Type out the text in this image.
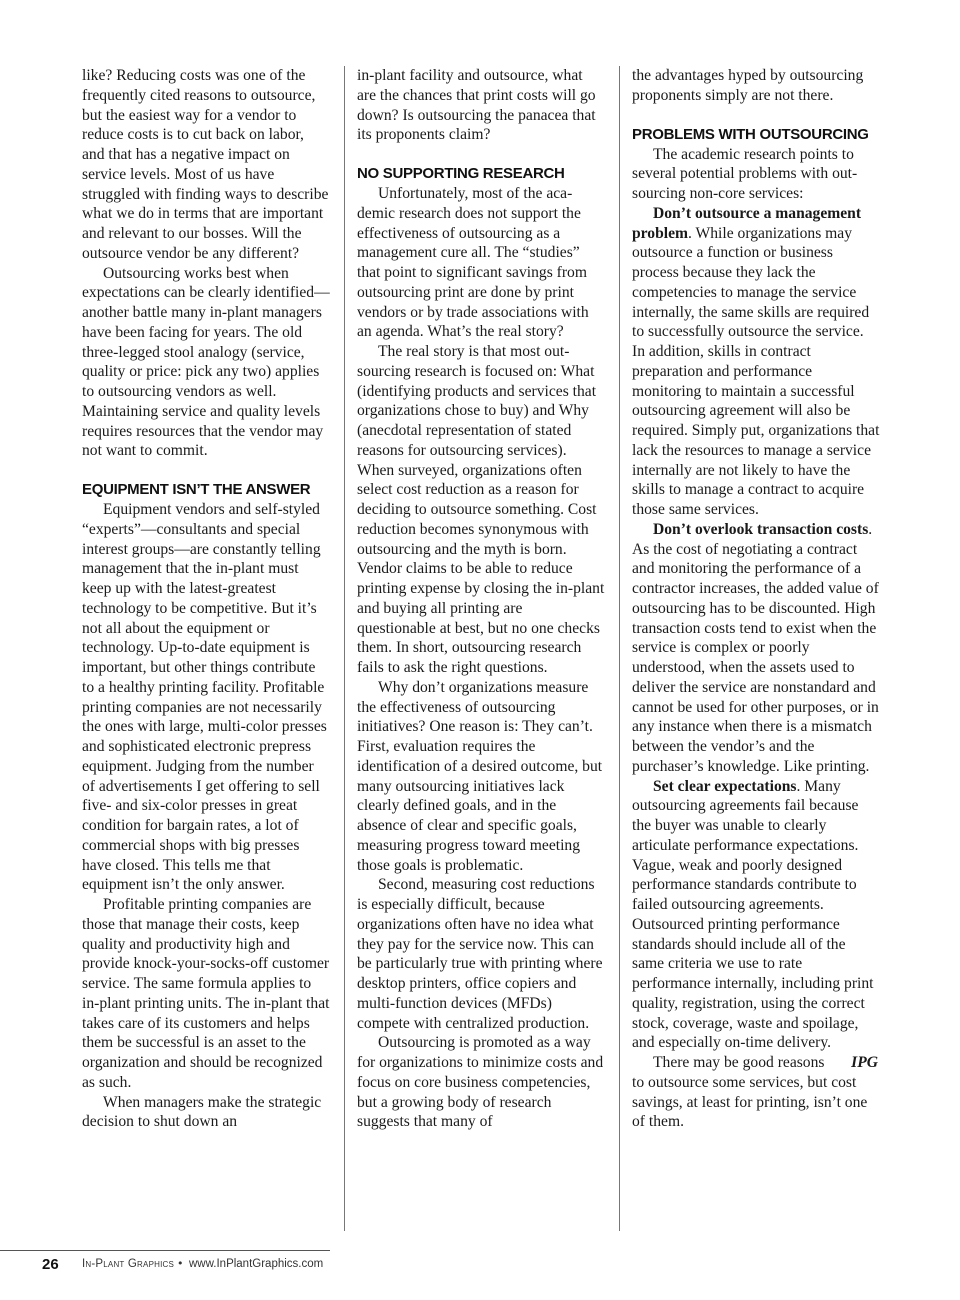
like? Reducing costs was one of the frequently cited reasons to outsource, but the easiest way for a vendor to reduce costs is to cut back on labor, and that has a negative impact on service levels. Most of us have struggled with finding ways to describe what we do in terms that are important and relevant to our bosses. Will the outsource vendor be any different?

Outsourcing works best when expectations can be clearly identified—another battle many in-plant managers have been facing for years. The old three-legged stool analogy (service, quality or price: pick any two) applies to outsourcing vendors as well. Maintaining service and quality levels requires resources that the vendor may not want to commit.

EQUIPMENT ISN’T THE ANSWER

Equipment vendors and self-styled “experts”—consultants and special interest groups—are constantly telling management that the in-plant must keep up with the latest-greatest technology to be competitive. But it’s not all about the equipment or technology. Up-to-date equipment is important, but other things contribute to a healthy printing facility. Profitable printing companies are not necessarily the ones with large, multi-color presses and sophisticated electronic prepress equipment. Judging from the number of advertisements I get offering to sell five- and six-color presses in great condition for bargain rates, a lot of commercial shops with big presses have closed. This tells me that equipment isn’t the only answer.

Profitable printing companies are those that manage their costs, keep quality and productivity high and provide knock-your-socks-off customer service. The same formula applies to in-plant printing units. The in-plant that takes care of its customers and helps them be successful is an asset to the organization and should be recognized as such.

When managers make the strategic decision to shut down an

in-plant facility and outsource, what are the chances that print costs will go down? Is outsourcing the panacea that its proponents claim?

NO SUPPORTING RESEARCH

Unfortunately, most of the academic research does not support the effectiveness of outsourcing as a management cure all. The “studies” that point to significant savings from outsourcing print are done by print vendors or by trade associations with an agenda. What’s the real story?

The real story is that most outsourcing research is focused on: What (identifying products and services that organizations chose to buy) and Why (anecdotal representation of stated reasons for outsourcing services). When surveyed, organizations often select cost reduction as a reason for deciding to outsource something. Cost reduction becomes synonymous with outsourcing and the myth is born. Vendor claims to be able to reduce printing expense by closing the in-plant and buying all printing are questionable at best, but no one checks them. In short, outsourcing research fails to ask the right questions.

Why don’t organizations measure the effectiveness of outsourcing initiatives? One reason is: They can’t. First, evaluation requires the identification of a desired outcome, but many outsourcing initiatives lack clearly defined goals, and in the absence of clear and specific goals, measuring progress toward meeting those goals is problematic.

Second, measuring cost reductions is especially difficult, because organizations often have no idea what they pay for the service now. This can be particularly true with printing where desktop printers, office copiers and multi-function devices (MFDs) compete with centralized production.

Outsourcing is promoted as a way for organizations to minimize costs and focus on core business competencies, but a growing body of research suggests that many of

the advantages hyped by outsourcing proponents simply are not there.

PROBLEMS WITH OUTSOURCING

The academic research points to several potential problems with outsourcing non-core services:

Don’t outsource a management problem. While organizations may outsource a function or business process because they lack the competencies to manage the service internally, the same skills are required to successfully outsource the service. In addition, skills in contract preparation and performance monitoring to maintain a successful outsourcing agreement will also be required. Simply put, organizations that lack the resources to manage a service internally are not likely to have the skills to manage a contract to acquire those same services.

Don’t overlook transaction costs. As the cost of negotiating a contract and monitoring the performance of a contractor increases, the added value of outsourcing has to be discounted. High transaction costs tend to exist when the service is complex or poorly understood, when the assets used to deliver the service are nonstandard and cannot be used for other purposes, or in any instance when there is a mismatch between the vendor’s and the purchaser’s knowledge. Like printing.

Set clear expectations. Many outsourcing agreements fail because the buyer was unable to clearly articulate performance expectations. Vague, weak and poorly designed performance standards contribute to failed outsourcing agreements. Outsourced printing performance standards should include all of the same criteria we use to rate performance internally, including print quality, registration, using the correct stock, coverage, waste and spoilage, and especially on-time delivery.

IPG
There may be good reasons to outsource some services, but cost savings, at least for printing, isn’t one of them.

26 In-Plant Graphics • www.InPlantGraphics.com
